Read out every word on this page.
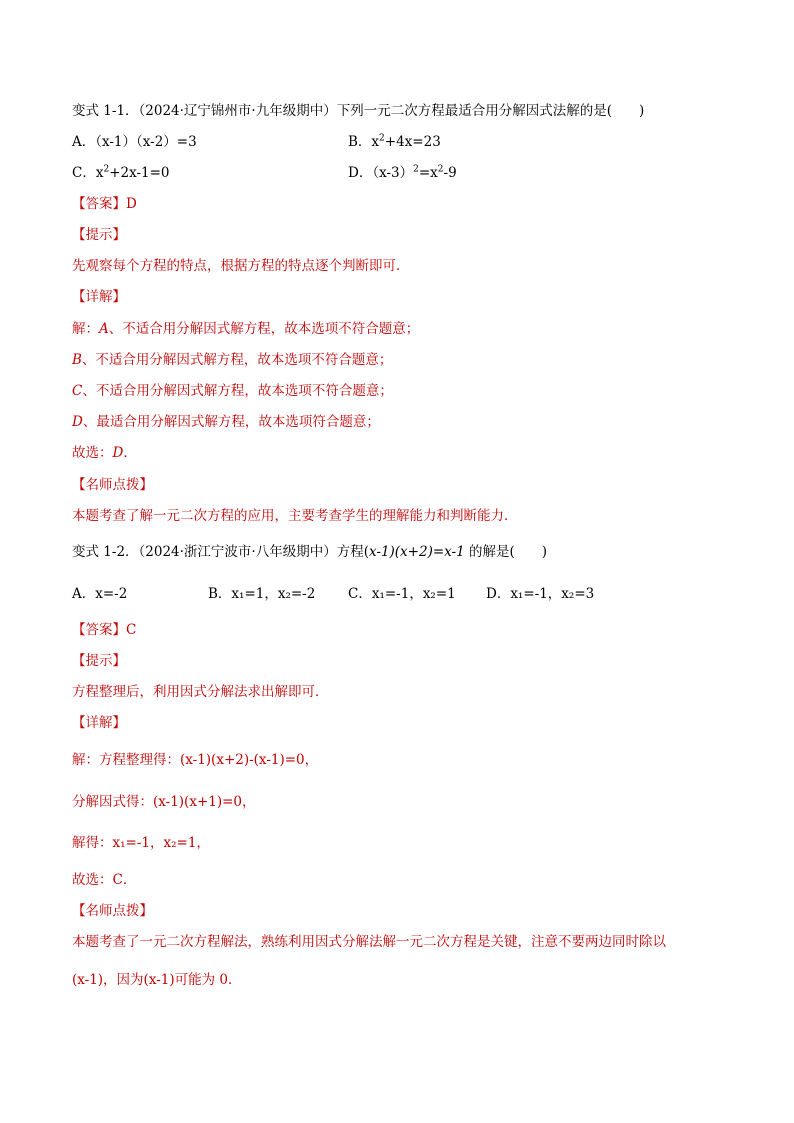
变式 1-1．（2024·辽宁锦州市·九年级期中）下列一元二次方程最适合用分解因式法解的是(　　)
A．（x-1）（x-2）=3	B．$x^2+4x=23$
C．$x^2+2x-1=0$	D．$(x-3)^2=x^2-9$
【答案】D
【提示】
先观察每个方程的特点，根据方程的特点逐个判断即可．
【详解】
解：A、不适合用分解因式解方程，故本选项不符合题意；
B、不适合用分解因式解方程，故本选项不符合题意；
C、不适合用分解因式解方程，故本选项不符合题意；
D、最适合用分解因式解方程，故本选项符合题意；
故选：D．
【名师点拨】
本题考查了解一元二次方程的应用，主要考查学生的理解能力和判断能力．
变式 1-2．（2024·浙江宁波市·八年级期中）方程(x-1)(x+2)=x-1 的解是(　　)
A．x=-2	B．x₁=1，x₂=-2 C．x₁=-1，x₂=1 D．x₁=-1，x₂=3
【答案】C
【提示】
方程整理后，利用因式分解法求出解即可．
【详解】
解：方程整理得：(x-1)(x+2)-(x-1)=0，
分解因式得：(x-1)(x+1)=0，
解得：x₁=-1，x₂=1，
故选：C．
【名师点拨】
本题考查了一元二次方程解法，熟练利用因式分解法解一元二次方程是关键，注意不要两边同时除以
(x-1)，因为(x-1)可能为 0．
